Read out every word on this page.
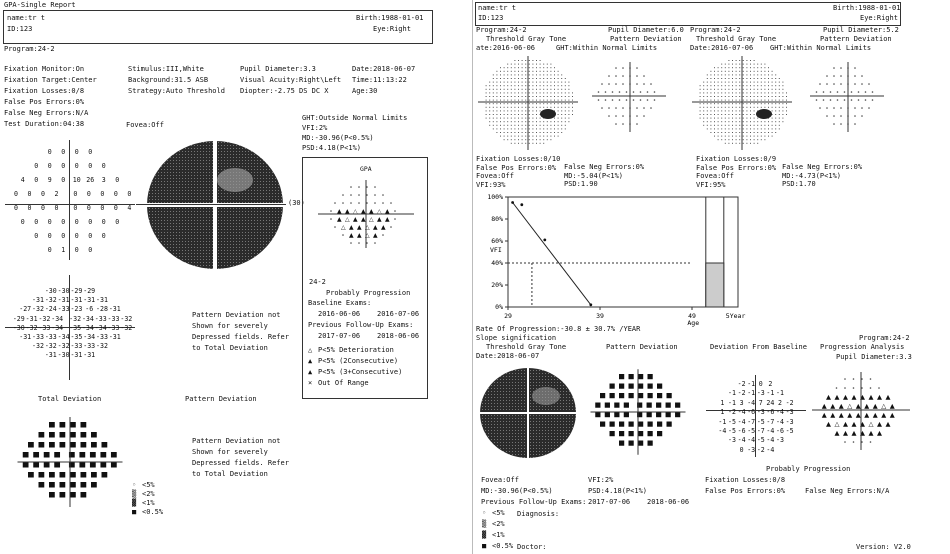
GPA-Single Report
name:tr t	Birth:1988-01-01
ID:123	Eye:Right
Program:24-2
Fixation Monitor:On
Fixation Target:Center
Fixation Losses:0/8
False Pos Errors:0%
False Neg Errors:N/A
Test Duration:04:38
Stimulus:III,White
Background:31.5 ASB
Strategy:Auto Threshold
Pupil Diameter:3.3
Visual Acuity:Right\Left
Diopter:-2.75 DS DC X
Date:2018-06-07
Time:11:13:22
Age:30
Fovea:Off
GHT:Outside Normal Limits
VFI:2%
MD:-30.96(P<0.5%)
PSD:4.18(P<1%)
0	0	0	0
0	0	0	0	0	0
4	0	9	0	10 26	3	0
0	0	0	2	0	0	0	0	0
0	0	0	0	0	0	0	0	4
0	0	0	0	0	0	0	0
0	0	0	0	0	0
0	1	0	0
(30)
-30 -30 -29 -29
-31 -32 -31 -31 -31 -31
-27 -32 -24 -33 -23 -6 -28 -31
-29 -31 -32 -34 -32 -34 -33 -33 -32
-30 -32 -33 -34 -35 -34 -34 -33 -32
-31 -33 -33 -34 -35 -34 -33 -31
-32 -32 -32 -33 -33 -32
-31 -30 -31 -31
Pattern Deviation not
Shown for severely
Depressed fields. Refer
to Total Deviation
Total Deviation	Pattern Deviation
Pattern Deviation not
Shown for severely
Depressed fields. Refer
to Total Deviation
◦ <5%
▒ <2%
▓ <1%
■ <0.5%
GPA
▲ ▲ △ ▲ ▲ △ ▲
▲ △ ▲ ▲ △ ▲ ▲
△ ▲ ▲ △ ▲ ▲
▲ ▲ △ ▲
24-2
Probably Progression
Baseline Exams:
2016-06-06 2016-07-06
Previous Follow-Up Exams:
2017-07-06 2018-06-06
△ P<5% Deterioration
▲ P<5% (2Consecutive)
▲ P<5% (3+Consecutive)
× Out Of Range
name:tr t	Birth:1988-01-01
ID:123	Eye:Right
Program:24-2	Pupil Diameter:6.0
Threshold Gray Tone	Pattern Deviation
ate:2016-06-06	GHT:Within Normal Limits
Fixation Losses:0/10
False Pos Errors:0%
Fovea:Off
VFI:93%
False Neg Errors:0%
MD:-5.04(P<1%)
PSD:1.90
Program:24-2	Pupil Diameter:5.2
Threshold Gray Tone	Pattern Deviation
Date:2016-07-06 GHT:Within Normal Limits
Fixation Losses:0/9
False Pos Errors:0%
Fovea:Off
VFI:95%
False Neg Errors:0%
MD:-4.73(P<1%)
PSD:1.70
0%
20%
40%
60%
80%
100%
29	39	49
VFI
Age
5Year
Rate Of Progression:-30.8 ± 30.7% /YEAR
Slope signification	Program:24-2
Threshold Gray Tone	Pattern Deviation	Deviation From Baseline Progression Analysis
Date:2018-06-07	Pupil Diameter:3.3
-2 -1 0 2
-1 -2 -1 -3 -1 -1
1 -1 3 -4 7 24 2 -2
1 -2 -4 -6 -3 -6 -4 -3
-1 -5 -4 -7 -5 -7 -4 -3
-4 -5 -6 -5 -7 -4 -6 -5
-3 -4 -4 -5 -4 -3
0 -3 -2 -4
▲ ▲ ▲ ▲ ▲ ▲ ▲ ▲
▲ ▲ ▲ △ ▲ ▲ ▲ △ ▲
▲ ▲ ▲ ▲ ▲ ▲ ▲ ▲ ▲
▲ △ ▲ ▲ ▲ △ ▲ ▲
▲ ▲ ▲ ▲ ▲ ▲
Probably Progression
Fixation Losses:0/8
False Pos Errors:0%	False Neg Errors:N/A
Fovea:Off	VFI:2%
MD:-30.96(P<0.5%)	PSD:4.18(P<1%)
Previous Follow-Up Exams: 2017-07-06 2018-06-06
◦ <5%
▒ <2%
▓ <1%
■ <0.5%
Diagnosis:
Doctor:	Version: V2.0
